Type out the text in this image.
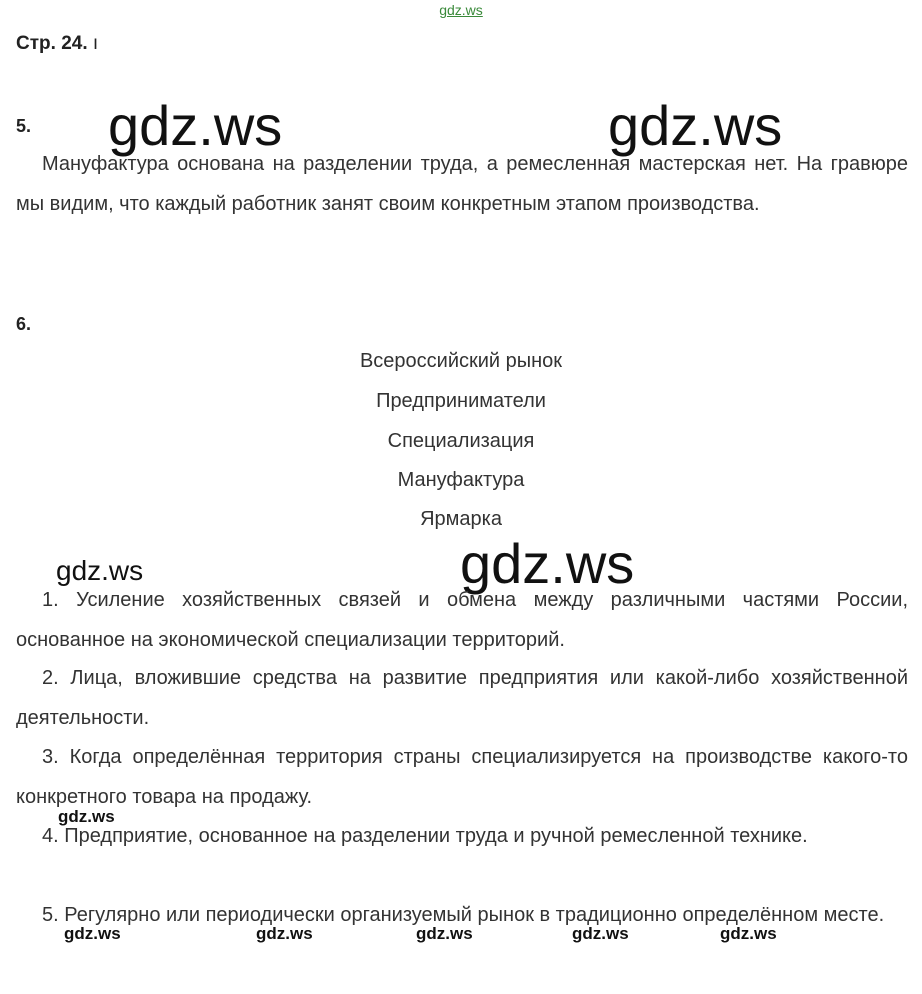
gdz.ws
Стр. 24. ı
5. gdz.ws	gdz.ws

Мануфактура основана на разделении труда, а ремесленная мастерская нет. На гравюре мы видим, что каждый работник занят своим конкретным этапом производства.

6.
Всероссийский рынок
Предприниматели
Специализация
Мануфактура
Ярмарка
gdz.ws	gdz.ws

1. Усиление хозяйственных связей и обмена между различными частями России, основанное на экономической специализации территорий.

2. Лица, вложившие средства на развитие предприятия или какой-либо хозяйственной деятельности.

3. Когда определённая территория страны специализируется на производстве какого-то конкретного товара на продажу.

gdz.ws

4. Предприятие, основанное на разделении труда и ручной ремесленной технике.

5. Регулярно или периодически организуемый рынок в традиционно определённом месте.

gdz.ws	gdz.ws	gdz.ws	gdz.ws	gdz.ws
